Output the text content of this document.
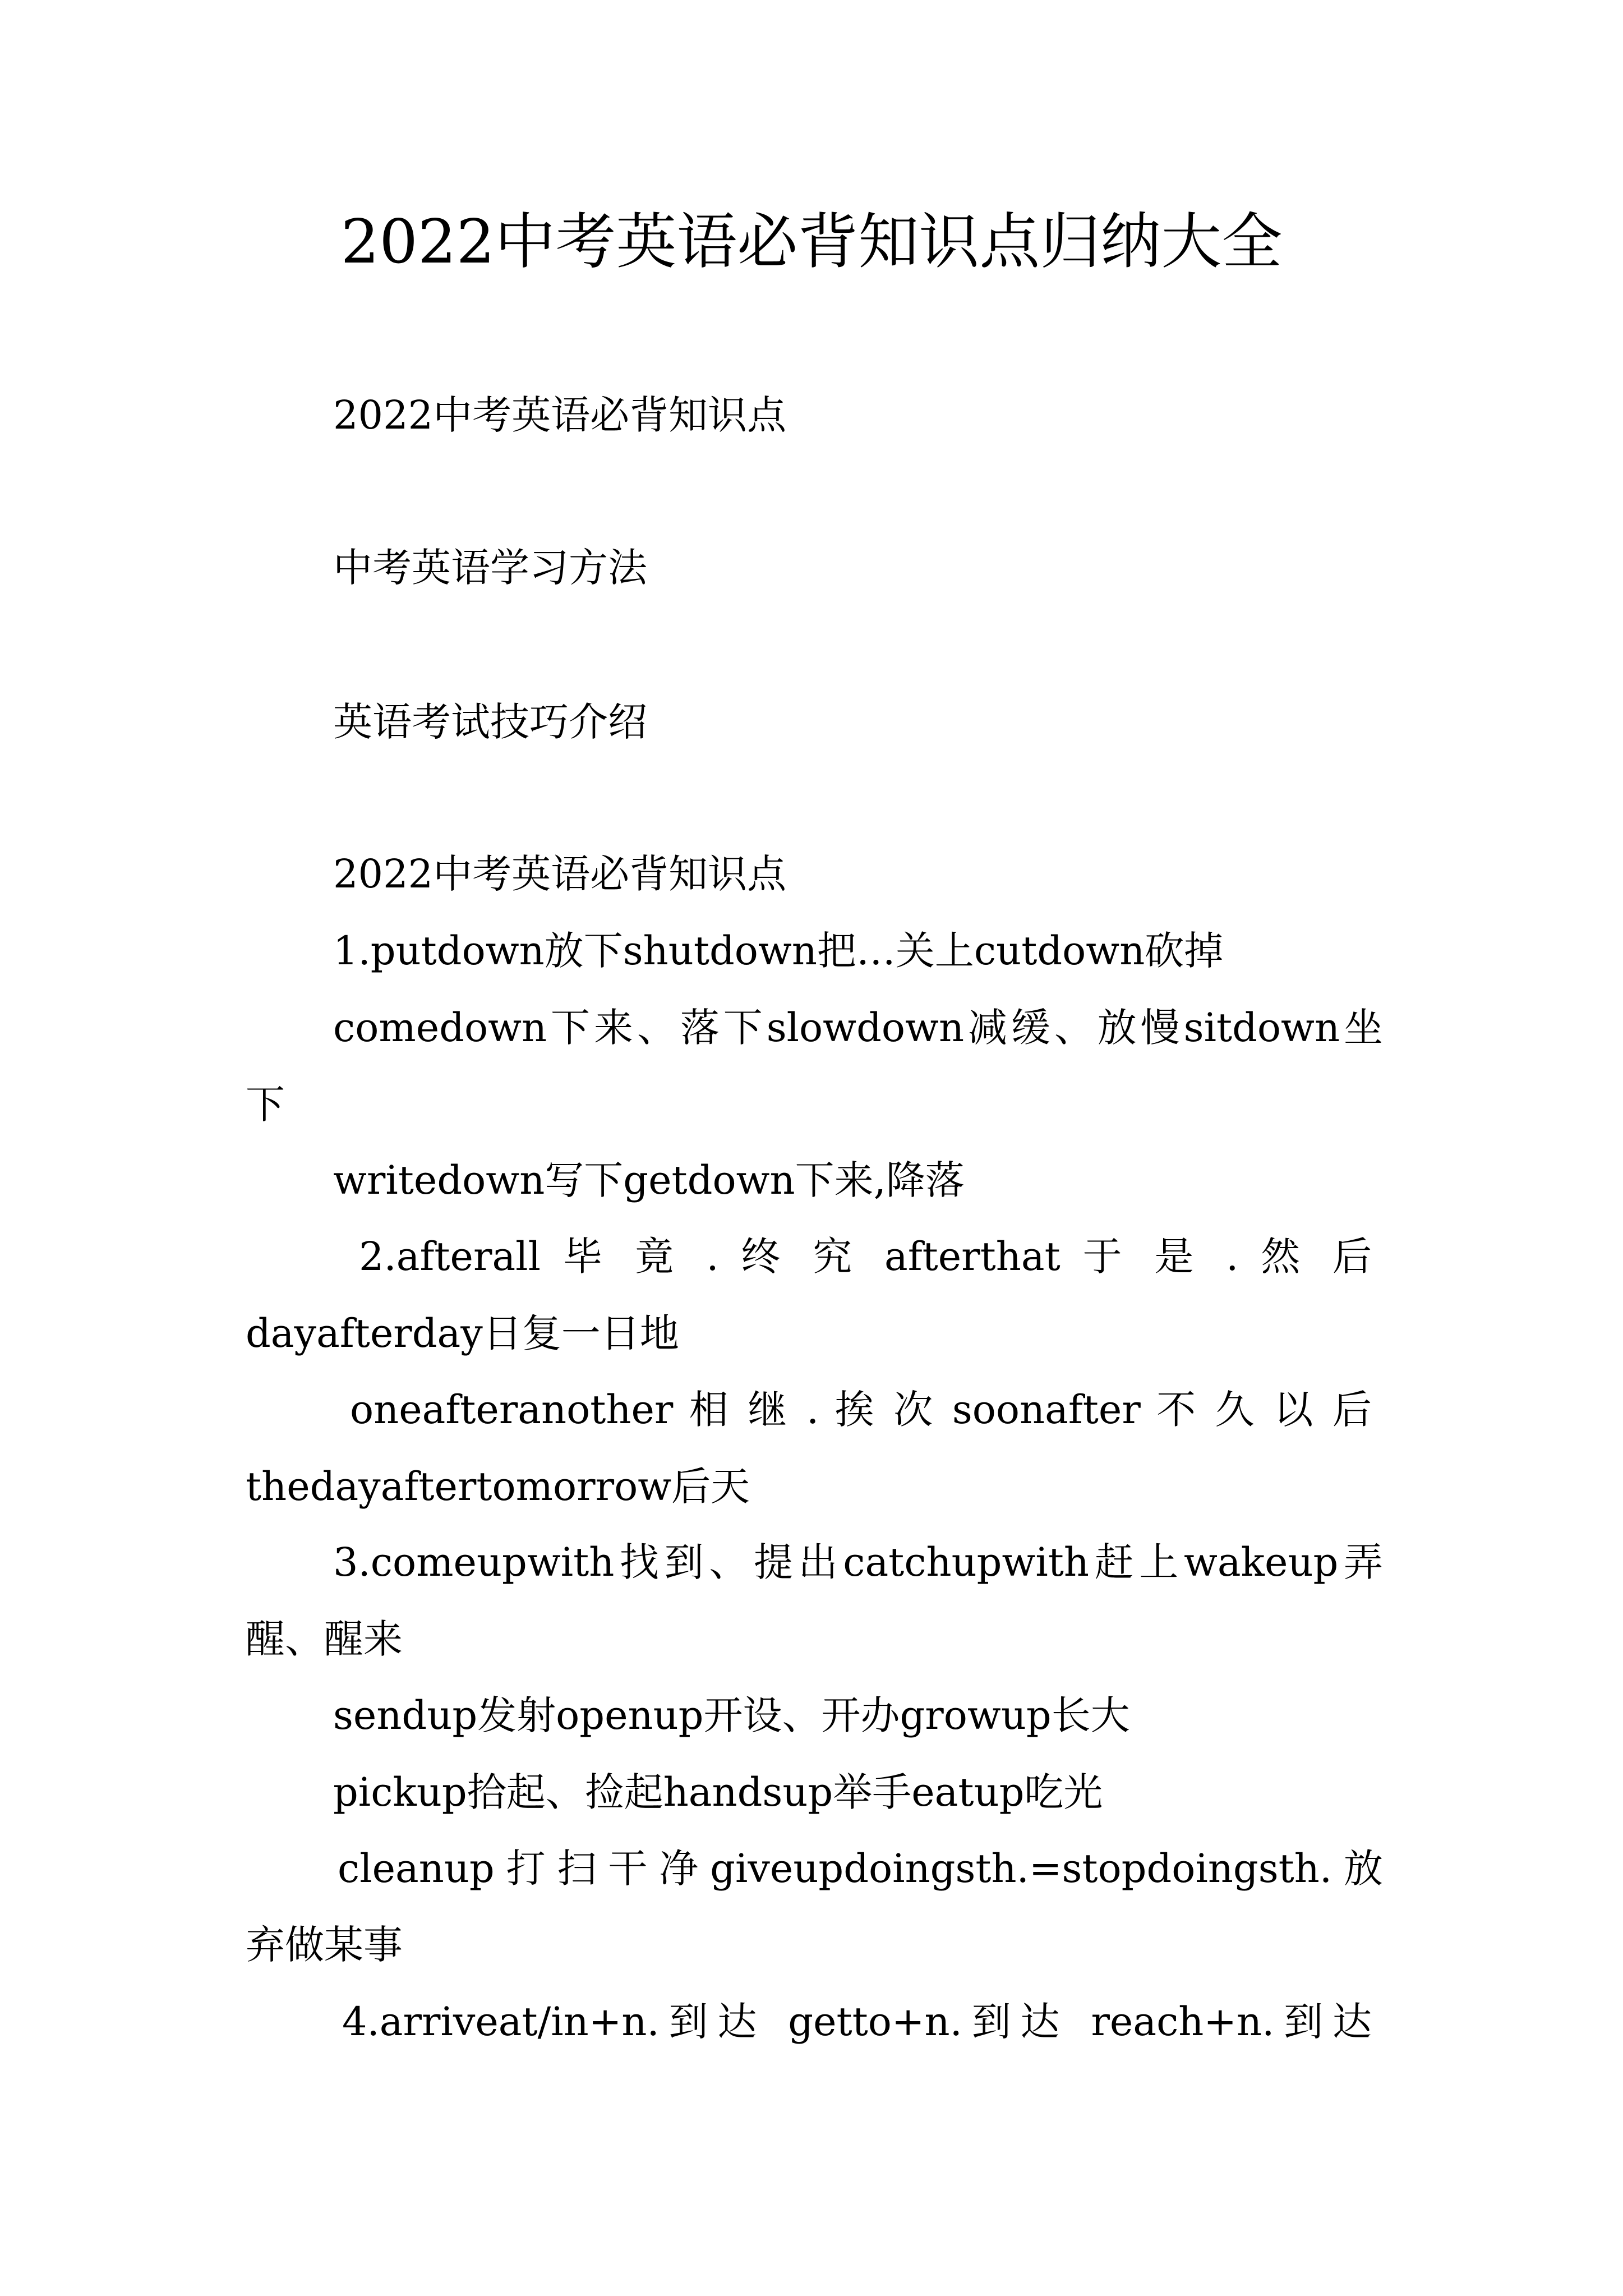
2022中考英语必背知识点归纳大全
2022中考英语必背知识点
中考英语学习方法
英语考试技巧介绍
2022中考英语必背知识点
1.putdown放下shutdown把…关上cutdown砍掉
comedown下来、落下slowdown减缓、放慢sitdown坐
下
writedown写下getdown下来,降落
2.afterall 毕 竟 . 终 究 afterthat 于 是 . 然 后
dayafterday日复一日地
oneafteranother 相 继 . 挨 次 soonafter 不 久 以 后
thedayaftertomorrow后天
3.comeupwith找到、提出catchupwith赶上wakeup弄
醒、醒来
sendup发射openup开设、开办growup长大
pickup拾起、捡起handsup举手eatup吃光
cleanup打扫干净giveupdoingsth.=stopdoingsth.放
弃做某事
4.arriveat/in+n.到达 getto+n.到达 reach+n.到达
